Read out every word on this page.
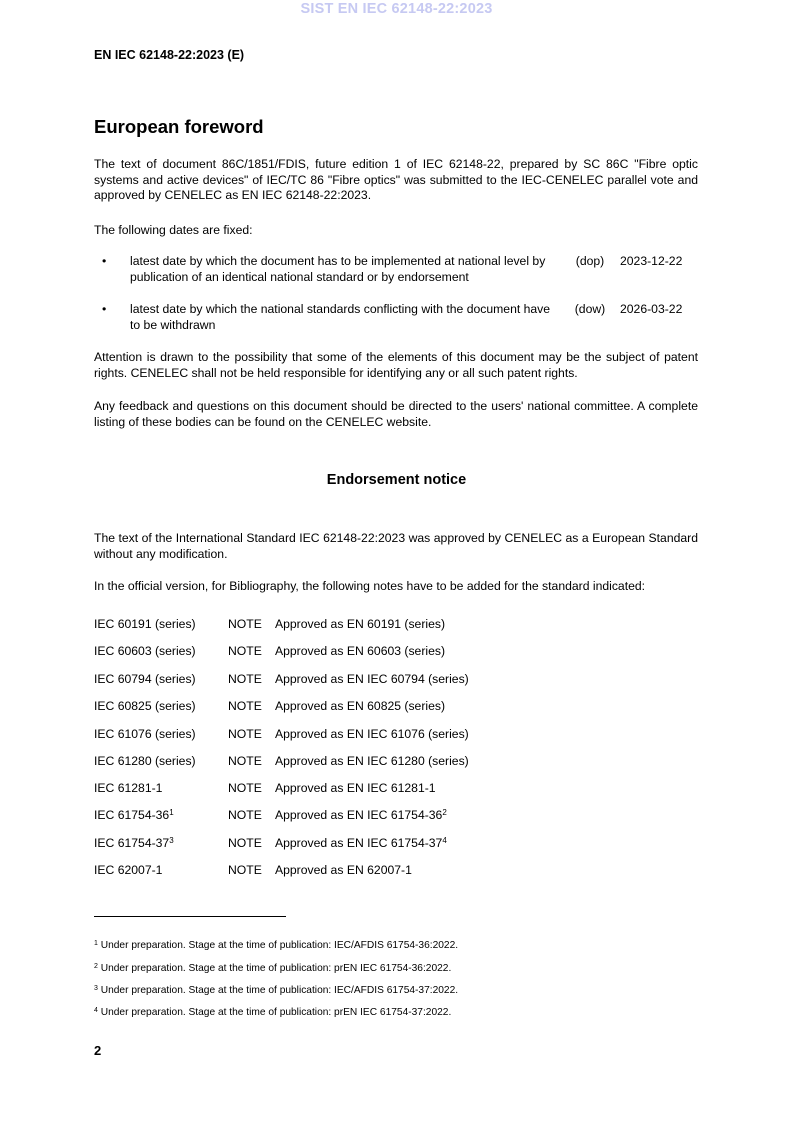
SIST EN IEC 62148-22:2023
EN IEC 62148-22:2023 (E)
European foreword
The text of document 86C/1851/FDIS, future edition 1 of IEC 62148-22, prepared by SC 86C "Fibre optic systems and active devices" of IEC/TC 86 "Fibre optics" was submitted to the IEC-CENELEC parallel vote and approved by CENELEC as EN IEC 62148-22:2023.
The following dates are fixed:
• latest date by which the document has to be implemented at national level by publication of an identical national standard or by endorsement
(dop)	2023-12-22
• latest date by which the national standards conflicting with the document have to be withdrawn
(dow)	2026-03-22
Attention is drawn to the possibility that some of the elements of this document may be the subject of patent rights. CENELEC shall not be held responsible for identifying any or all such patent rights.
Any feedback and questions on this document should be directed to the users' national committee. A complete listing of these bodies can be found on the CENELEC website.
Endorsement notice
The text of the International Standard IEC 62148-22:2023 was approved by CENELEC as a European Standard without any modification.
In the official version, for Bibliography, the following notes have to be added for the standard indicated:
IEC 60191 (series)	NOTE Approved as EN 60191 (series)
IEC 60603 (series)	NOTE Approved as EN 60603 (series)
IEC 60794 (series)	NOTE Approved as EN IEC 60794 (series)
IEC 60825 (series)	NOTE Approved as EN 60825 (series)
IEC 61076 (series)	NOTE Approved as EN IEC 61076 (series)
IEC 61280 (series)	NOTE Approved as EN IEC 61280 (series)
IEC 61281-1	NOTE Approved as EN IEC 61281-1
IEC $61754-36^1$	NOTE Approved as EN IEC $61754-36^2$
IEC $61754-37^3$	NOTE Approved as EN IEC $61754-37^4$
IEC 62007-1	NOTE Approved as EN 62007-1
$^1$ Under preparation. Stage at the time of publication: IEC/AFDIS 61754-36:2022.
$^2$ Under preparation. Stage at the time of publication: prEN IEC 61754-36:2022.
$^3$ Under preparation. Stage at the time of publication: IEC/AFDIS 61754-37:2022.
$^4$ Under preparation. Stage at the time of publication: prEN IEC 61754-37:2022.
2
